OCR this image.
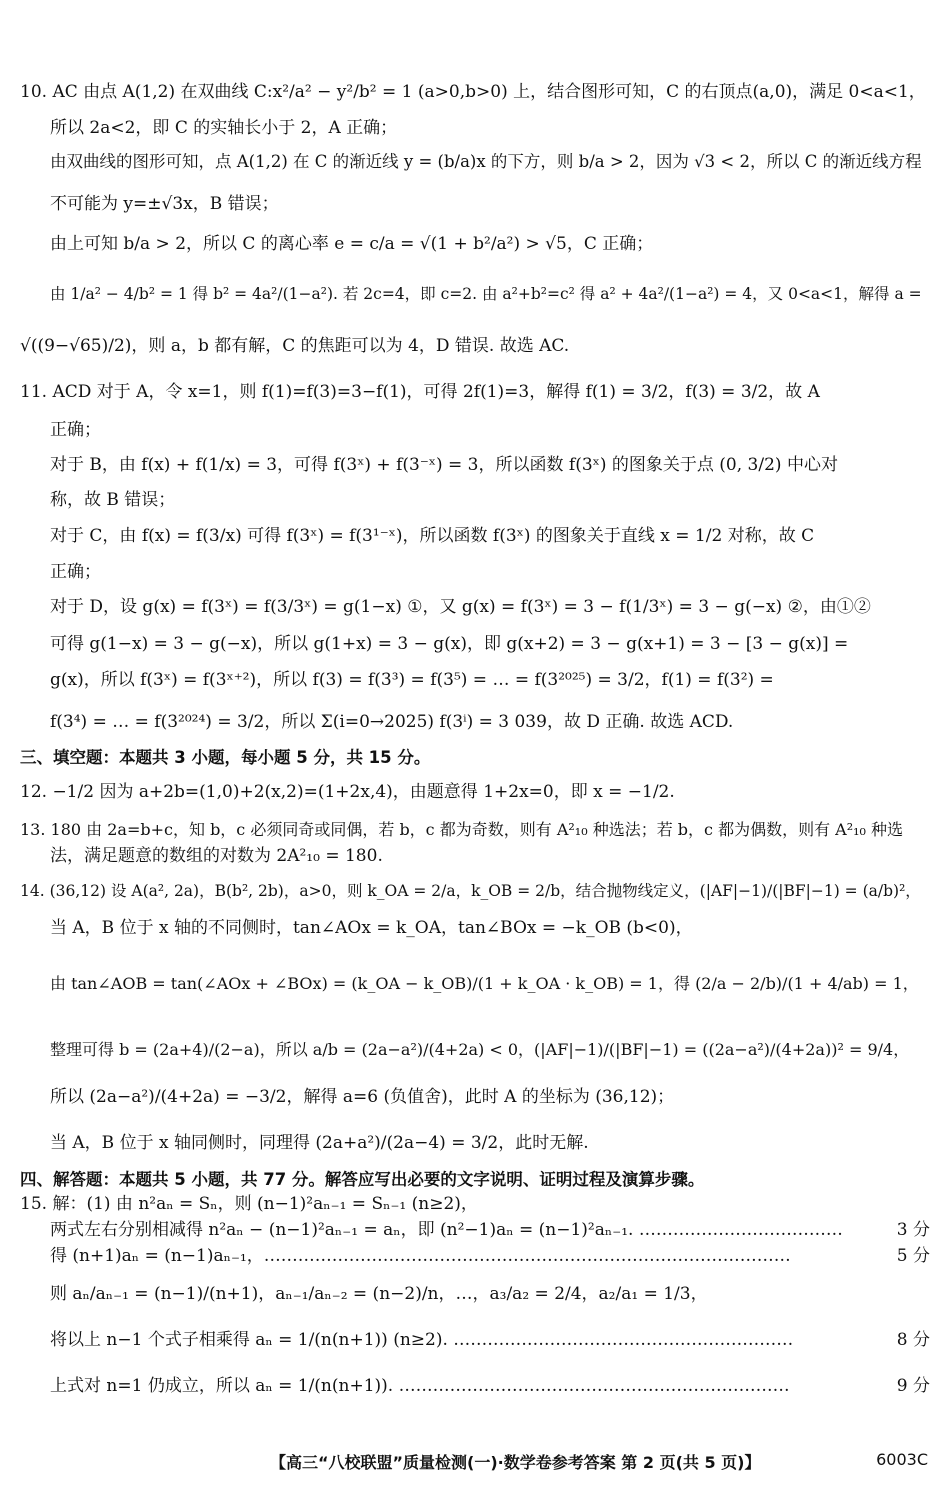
10. AC 由点 A(1,2) 在双曲线 C:x²/a² − y²/b² = 1 (a>0,b>0) 上，结合图形可知，C 的右顶点(a,0)，满足 0<a<1，
所以 2a<2，即 C 的实轴长小于 2，A 正确；
由双曲线的图形可知，点 A(1,2) 在 C 的渐近线 y = (b/a)x 的下方，则 b/a > 2，因为 √3 < 2，所以 C 的渐近线方程
不可能为 y=±√3x，B 错误；
由上可知 b/a > 2，所以 C 的离心率 e = c/a = √(1 + b²/a²) > √5，C 正确；
由 1/a² − 4/b² = 1 得 b² = 4a²/(1−a²). 若 2c=4，即 c=2. 由 a²+b²=c² 得 a² + 4a²/(1−a²) = 4，又 0<a<1，解得 a =
√((9−√65)/2)，则 a，b 都有解，C 的焦距可以为 4，D 错误. 故选 AC.
11. ACD 对于 A，令 x=1，则 f(1)=f(3)=3−f(1)，可得 2f(1)=3，解得 f(1) = 3/2，f(3) = 3/2，故 A
正确；
对于 B，由 f(x) + f(1/x) = 3，可得 f(3ˣ) + f(3⁻ˣ) = 3，所以函数 f(3ˣ) 的图象关于点 (0, 3/2) 中心对
称，故 B 错误；
对于 C，由 f(x) = f(3/x) 可得 f(3ˣ) = f(3¹⁻ˣ)，所以函数 f(3ˣ) 的图象关于直线 x = 1/2 对称，故 C
正确；
对于 D，设 g(x) = f(3ˣ) = f(3/3ˣ) = g(1−x) ①，又 g(x) = f(3ˣ) = 3 − f(1/3ˣ) = 3 − g(−x) ②，由①②
可得 g(1−x) = 3 − g(−x)，所以 g(1+x) = 3 − g(x)，即 g(x+2) = 3 − g(x+1) = 3 − [3 − g(x)] =
g(x)，所以 f(3ˣ) = f(3ˣ⁺²)，所以 f(3) = f(3³) = f(3⁵) = … = f(3²⁰²⁵) = 3/2，f(1) = f(3²) =
f(3⁴) = … = f(3²⁰²⁴) = 3/2，所以 Σ(i=0→2025) f(3ⁱ) = 3 039，故 D 正确. 故选 ACD.
三、填空题：本题共 3 小题，每小题 5 分，共 15 分。
12. −1/2 因为 a+2b=(1,0)+2(x,2)=(1+2x,4)，由题意得 1+2x=0，即 x = −1/2.
13. 180 由 2a=b+c，知 b，c 必须同奇或同偶，若 b，c 都为奇数，则有 A²₁₀ 种选法；若 b，c 都为偶数，则有 A²₁₀ 种选
法，满足题意的数组的对数为 2A²₁₀ = 180.
14. (36,12) 设 A(a², 2a)，B(b², 2b)，a>0，则 k_OA = 2/a，k_OB = 2/b，结合抛物线定义，(|AF|−1)/(|BF|−1) = (a/b)²，
当 A，B 位于 x 轴的不同侧时，tan∠AOx = k_OA，tan∠BOx = −k_OB (b<0)，
由 tan∠AOB = tan(∠AOx + ∠BOx) = (k_OA − k_OB)/(1 + k_OA · k_OB) = 1，得 (2/a − 2/b)/(1 + 4/ab) = 1，
整理可得 b = (2a+4)/(2−a)，所以 a/b = (2a−a²)/(4+2a) < 0，(|AF|−1)/(|BF|−1) = ((2a−a²)/(4+2a))² = 9/4，
所以 (2a−a²)/(4+2a) = −3/2，解得 a=6 (负值舍)，此时 A 的坐标为 (36,12)；
当 A，B 位于 x 轴同侧时，同理得 (2a+a²)/(2a−4) = 3/2，此时无解.
四、解答题：本题共 5 小题，共 77 分。解答应写出必要的文字说明、证明过程及演算步骤。
15. 解：(1) 由 n²aₙ = Sₙ，则 (n−1)²aₙ₋₁ = Sₙ₋₁ (n≥2)，
两式左右分别相减得 n²aₙ − (n−1)²aₙ₋₁ = aₙ，即 (n²−1)aₙ = (n−1)²aₙ₋₁. ………………………………	3 分
得 (n+1)aₙ = (n−1)aₙ₋₁，…………………………………………………………………………………	5 分
则 aₙ/aₙ₋₁ = (n−1)/(n+1)，aₙ₋₁/aₙ₋₂ = (n−2)/n，…，a₃/a₂ = 2/4，a₂/a₁ = 1/3，
将以上 n−1 个式子相乘得 aₙ = 1/(n(n+1)) (n≥2). ……………………………………………………	8 分
上式对 n=1 仍成立，所以 aₙ = 1/(n(n+1)). ……………………………………………………………	9 分
【高三“八校联盟”质量检测(一)·数学卷参考答案 第 2 页(共 5 页)】	6003C
